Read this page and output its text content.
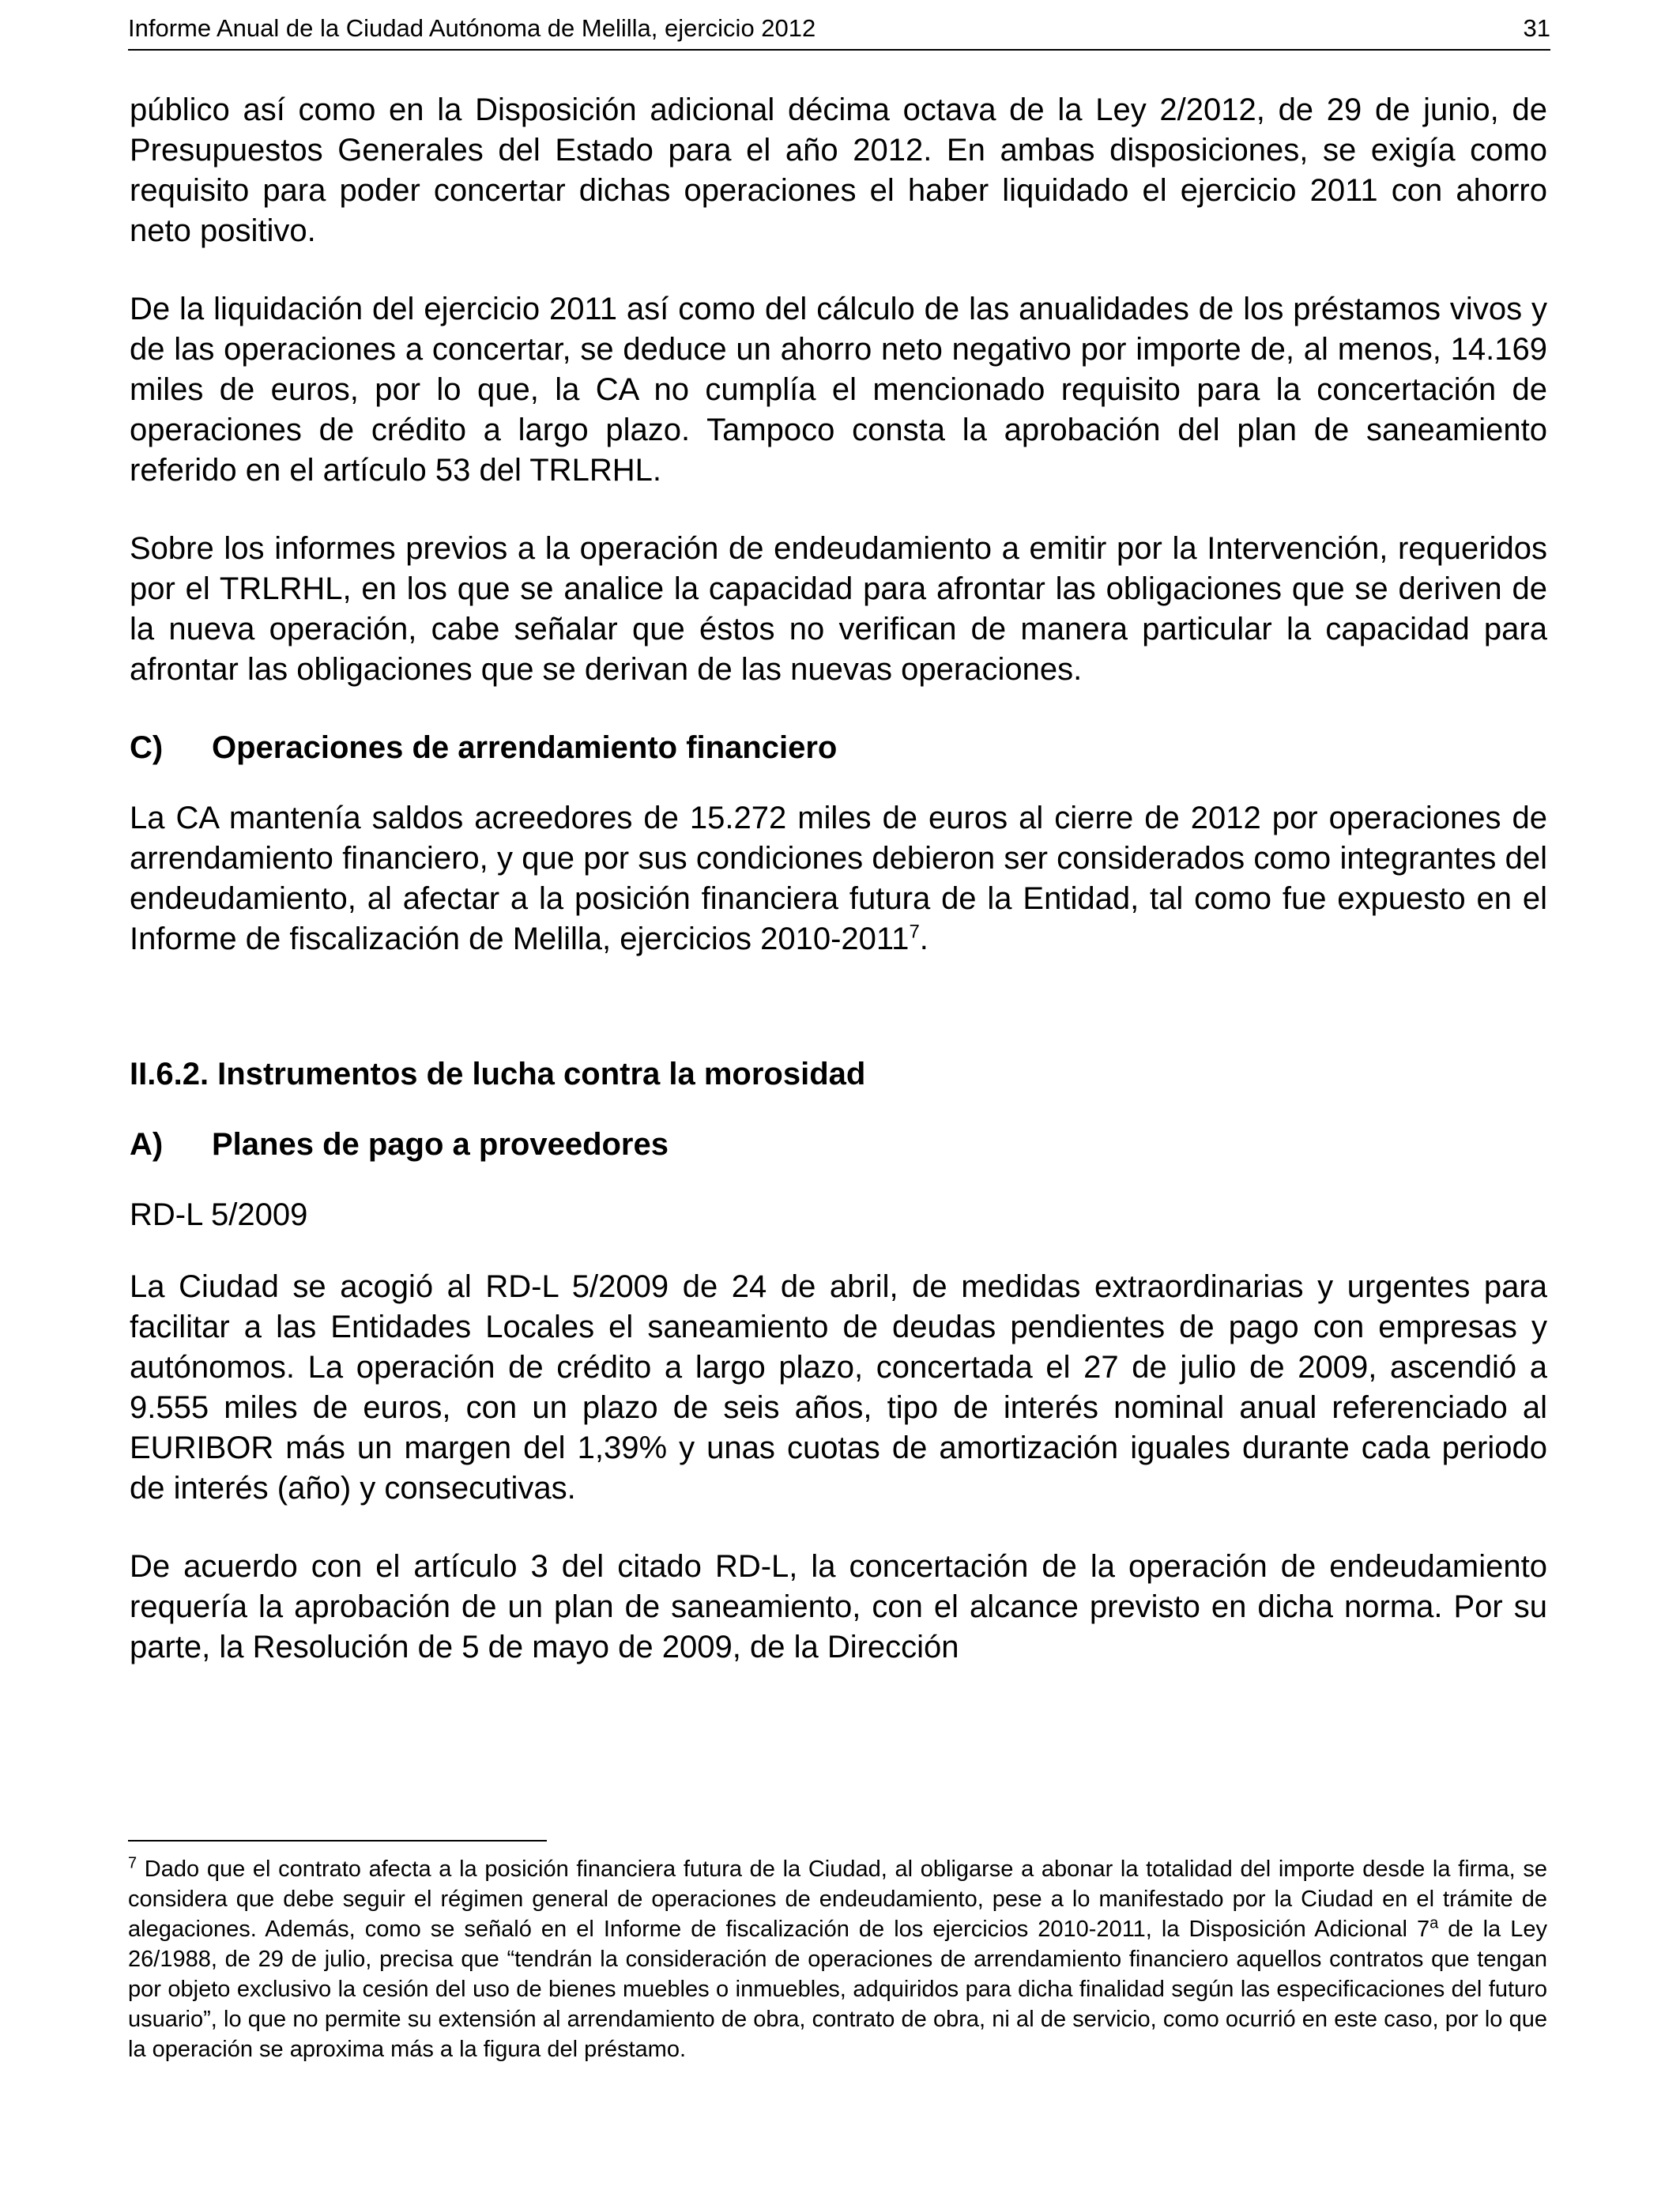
Informe Anual de la Ciudad Autónoma de Melilla, ejercicio 2012	31

público así como en la Disposición adicional décima octava de la Ley 2/2012, de 29 de junio, de Presupuestos Generales del Estado para el año 2012. En ambas disposiciones, se exigía como requisito para poder concertar dichas operaciones el haber liquidado el ejercicio 2011 con ahorro neto positivo.

De la liquidación del ejercicio 2011 así como del cálculo de las anualidades de los préstamos vivos y de las operaciones a concertar, se deduce un ahorro neto negativo por importe de, al menos, 14.169 miles de euros, por lo que, la CA no cumplía el mencionado requisito para la concertación de operaciones de crédito a largo plazo. Tampoco consta la aprobación del plan de saneamiento referido en el artículo 53 del TRLRHL.

Sobre los informes previos a la operación de endeudamiento a emitir por la Intervención, requeridos por el TRLRHL, en los que se analice la capacidad para afrontar las obligaciones que se deriven de la nueva operación, cabe señalar que éstos no verifican de manera particular la capacidad para afrontar las obligaciones que se derivan de las nuevas operaciones.

C) Operaciones de arrendamiento financiero

La CA mantenía saldos acreedores de 15.272 miles de euros al cierre de 2012 por operaciones de arrendamiento financiero, y que por sus condiciones debieron ser considerados como integrantes del endeudamiento, al afectar a la posición financiera futura de la Entidad, tal como fue expuesto en el Informe de fiscalización de Melilla, ejercicios 2010-2011$^7$.

II.6.2. Instrumentos de lucha contra la morosidad
A) Planes de pago a proveedores

RD-L 5/2009

La Ciudad se acogió al RD-L 5/2009 de 24 de abril, de medidas extraordinarias y urgentes para facilitar a las Entidades Locales el saneamiento de deudas pendientes de pago con empresas y autónomos. La operación de crédito a largo plazo, concertada el 27 de julio de 2009, ascendió a 9.555 miles de euros, con un plazo de seis años, tipo de interés nominal anual referenciado al EURIBOR más un margen del 1,39% y unas cuotas de amortización iguales durante cada periodo de interés (año) y consecutivas.

De acuerdo con el artículo 3 del citado RD-L, la concertación de la operación de endeudamiento requería la aprobación de un plan de saneamiento, con el alcance previsto en dicha norma. Por su parte, la Resolución de 5 de mayo de 2009, de la Dirección

$^7$ Dado que el contrato afecta a la posición financiera futura de la Ciudad, al obligarse a abonar la totalidad del importe desde la firma, se considera que debe seguir el régimen general de operaciones de endeudamiento, pese a lo manifestado por la Ciudad en el trámite de alegaciones. Además, como se señaló en el Informe de fiscalización de los ejercicios 2010-2011, la Disposición Adicional 7$^a$ de la Ley 26/1988, de 29 de julio, precisa que “tendrán la consideración de operaciones de arrendamiento financiero aquellos contratos que tengan por objeto exclusivo la cesión del uso de bienes muebles o inmuebles, adquiridos para dicha finalidad según las especificaciones del futuro usuario”, lo que no permite su extensión al arrendamiento de obra, contrato de obra, ni al de servicio, como ocurrió en este caso, por lo que la operación se aproxima más a la figura del préstamo.
